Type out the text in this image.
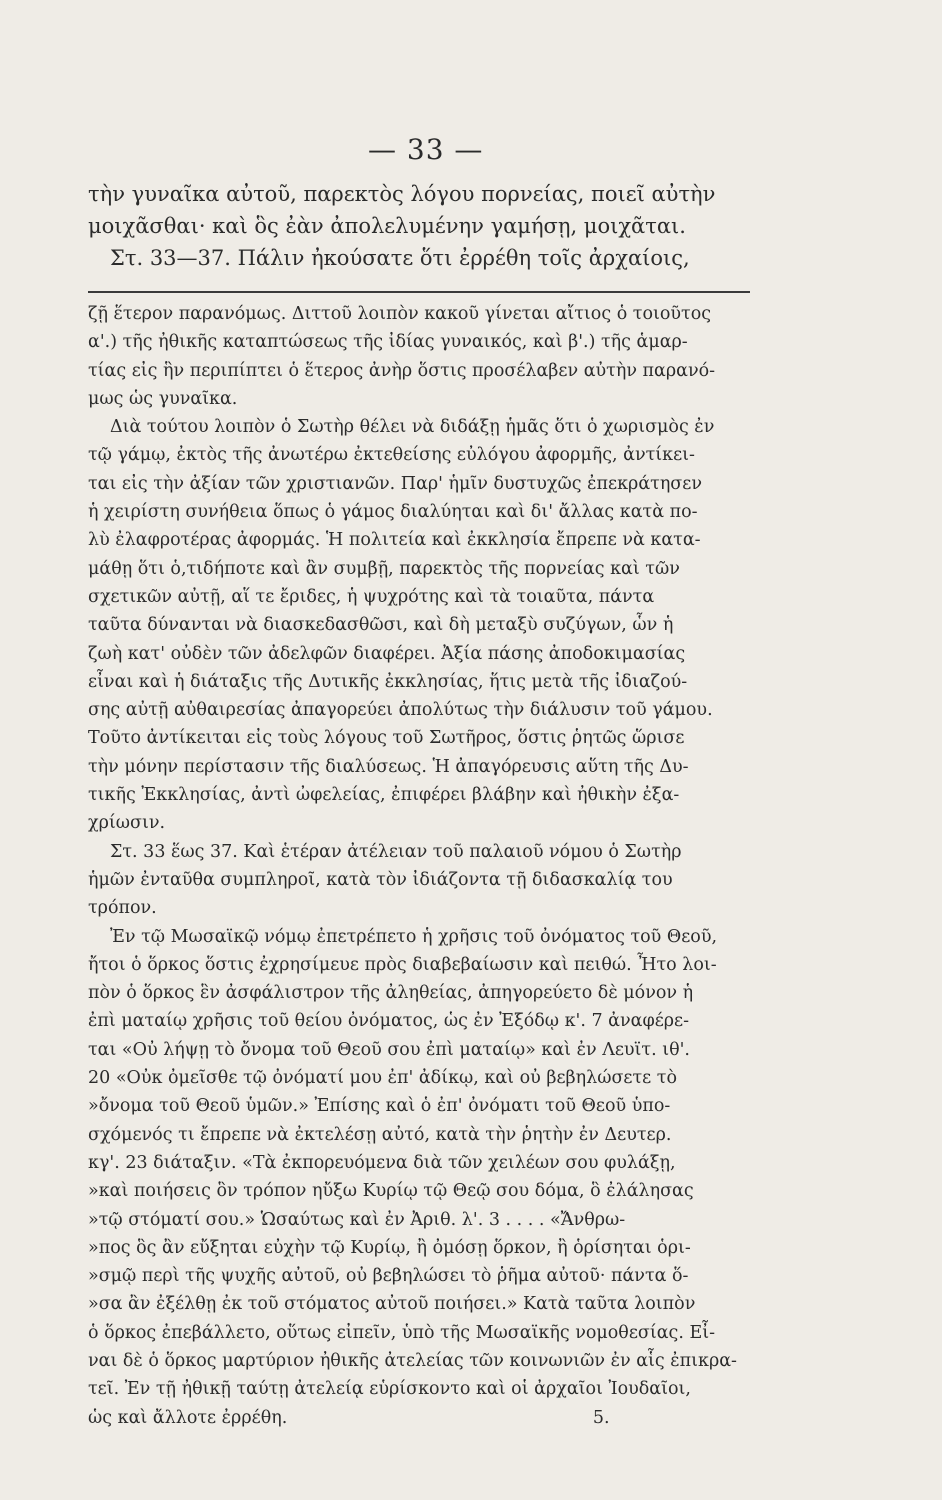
— 33 —
τὴν γυναῖκα αὐτοῦ, παρεκτὸς λόγου πορνείας, ποιεῖ αὐτὴν
μοιχᾶσθαι· καὶ ὃς ἐὰν ἀπολελυμένην γαμήσῃ, μοιχᾶται.
Στ. 33—37. Πάλιν ἠκούσατε ὅτι ἐρρέθη τοῖς ἀρχαίοις,
ζῇ ἕτερον παρανόμως. Διττοῦ λοιπὸν κακοῦ γίνεται αἴτιος ὁ τοιοῦτος
α'.) τῆς ἠθικῆς καταπτώσεως τῆς ἰδίας γυναικός, καὶ β'.) τῆς ἁμαρ-
τίας εἰς ἣν περιπίπτει ὁ ἕτερος ἀνὴρ ὅστις προσέλαβεν αὐτὴν παρανό-
μως ὡς γυναῖκα.
Διὰ τούτου λοιπὸν ὁ Σωτὴρ θέλει νὰ διδάξῃ ἡμᾶς ὅτι ὁ χωρισμὸς ἐν
τῷ γάμῳ, ἐκτὸς τῆς ἀνωτέρω ἐκτεθείσης εὐλόγου ἀφορμῆς, ἀντίκει-
ται εἰς τὴν ἀξίαν τῶν χριστιανῶν. Παρ' ἡμῖν δυστυχῶς ἐπεκράτησεν
ἡ χειρίστη συνήθεια ὅπως ὁ γάμος διαλύηται καὶ δι' ἄλλας κατὰ πο-
λὺ ἐλαφροτέρας ἀφορμάς. Ἡ πολιτεία καὶ ἐκκλησία ἔπρεπε νὰ κατα-
μάθῃ ὅτι ὁ,τιδήποτε καὶ ἂν συμβῇ, παρεκτὸς τῆς πορνείας καὶ τῶν
σχετικῶν αὐτῇ, αἵ τε ἔριδες, ἡ ψυχρότης καὶ τὰ τοιαῦτα, πάντα
ταῦτα δύνανται νὰ διασκεδασθῶσι, καὶ δὴ μεταξὺ συζύγων, ὧν ἡ
ζωὴ κατ' οὐδὲν τῶν ἀδελφῶν διαφέρει. Ἀξία πάσης ἀποδοκιμασίας
εἶναι καὶ ἡ διάταξις τῆς Δυτικῆς ἐκκλησίας, ἥτις μετὰ τῆς ἰδιαζού-
σης αὐτῇ αὐθαιρεσίας ἀπαγορεύει ἀπολύτως τὴν διάλυσιν τοῦ γάμου.
Τοῦτο ἀντίκειται εἰς τοὺς λόγους τοῦ Σωτῆρος, ὅστις ῥητῶς ὥρισε
τὴν μόνην περίστασιν τῆς διαλύσεως. Ἡ ἀπαγόρευσις αὕτη τῆς Δυ-
τικῆς Ἐκκλησίας, ἀντὶ ὠφελείας, ἐπιφέρει βλάβην καὶ ἠθικὴν ἐξα-
χρίωσιν.
Στ. 33 ἕως 37. Καὶ ἑτέραν ἀτέλειαν τοῦ παλαιοῦ νόμου ὁ Σωτὴρ
ἡμῶν ἐνταῦθα συμπληροῖ, κατὰ τὸν ἰδιάζοντα τῇ διδασκαλίᾳ του
τρόπον.
Ἐν τῷ Μωσαϊκῷ νόμῳ ἐπετρέπετο ἡ χρῆσις τοῦ ὀνόματος τοῦ Θεοῦ,
ἤτοι ὁ ὅρκος ὅστις ἐχρησίμευε πρὸς διαβεβαίωσιν καὶ πειθώ. Ἦτο λοι-
πὸν ὁ ὅρκος ἓν ἀσφάλιστρον τῆς ἀληθείας, ἀπηγορεύετο δὲ μόνον ἡ
ἐπὶ ματαίῳ χρῆσις τοῦ θείου ὀνόματος, ὡς ἐν Ἐξόδῳ κ'. 7 ἀναφέρε-
ται «Οὐ λήψῃ τὸ ὄνομα τοῦ Θεοῦ σου ἐπὶ ματαίῳ» καὶ ἐν Λευϊτ. ιθ'.
20 «Οὐκ ὀμεῖσθε τῷ ὀνόματί μου ἐπ' ἀδίκῳ, καὶ οὐ βεβηλώσετε τὸ
»ὄνομα τοῦ Θεοῦ ὑμῶν.» Ἐπίσης καὶ ὁ ἐπ' ὀνόματι τοῦ Θεοῦ ὑπο-
σχόμενός τι ἔπρεπε νὰ ἐκτελέσῃ αὐτό, κατὰ τὴν ῥητὴν ἐν Δευτερ.
κγ'. 23 διάταξιν. «Τὰ ἐκπορευόμενα διὰ τῶν χειλέων σου φυλάξῃ,
»καὶ ποιήσεις ὃν τρόπον ηὔξω Κυρίῳ τῷ Θεῷ σου δόμα, ὃ ἐλάλησας
»τῷ στόματί σου.» Ὡσαύτως καὶ ἐν Ἀριθ. λ'. 3 . . . . «Ἄνθρω-
»πος ὃς ἂν εὔξηται εὐχὴν τῷ Κυρίῳ, ἢ ὀμόσῃ ὅρκον, ἢ ὁρίσηται ὁρι-
»σμῷ περὶ τῆς ψυχῆς αὐτοῦ, οὐ βεβηλώσει τὸ ῥῆμα αὐτοῦ· πάντα ὅ-
»σα ἂν ἐξέλθῃ ἐκ τοῦ στόματος αὐτοῦ ποιήσει.» Κατὰ ταῦτα λοιπὸν
ὁ ὅρκος ἐπεβάλλετο, οὕτως εἰπεῖν, ὑπὸ τῆς Μωσαϊκῆς νομοθεσίας. Εἶ-
ναι δὲ ὁ ὅρκος μαρτύριον ἠθικῆς ἀτελείας τῶν κοινωνιῶν ἐν αἷς ἐπικρα-
τεῖ. Ἐν τῇ ἠθικῇ ταύτῃ ἀτελείᾳ εὑρίσκοντο καὶ οἱ ἀρχαῖοι Ἰουδαῖοι,
ὡς καὶ ἄλλοτε ἐρρέθη.	5.
